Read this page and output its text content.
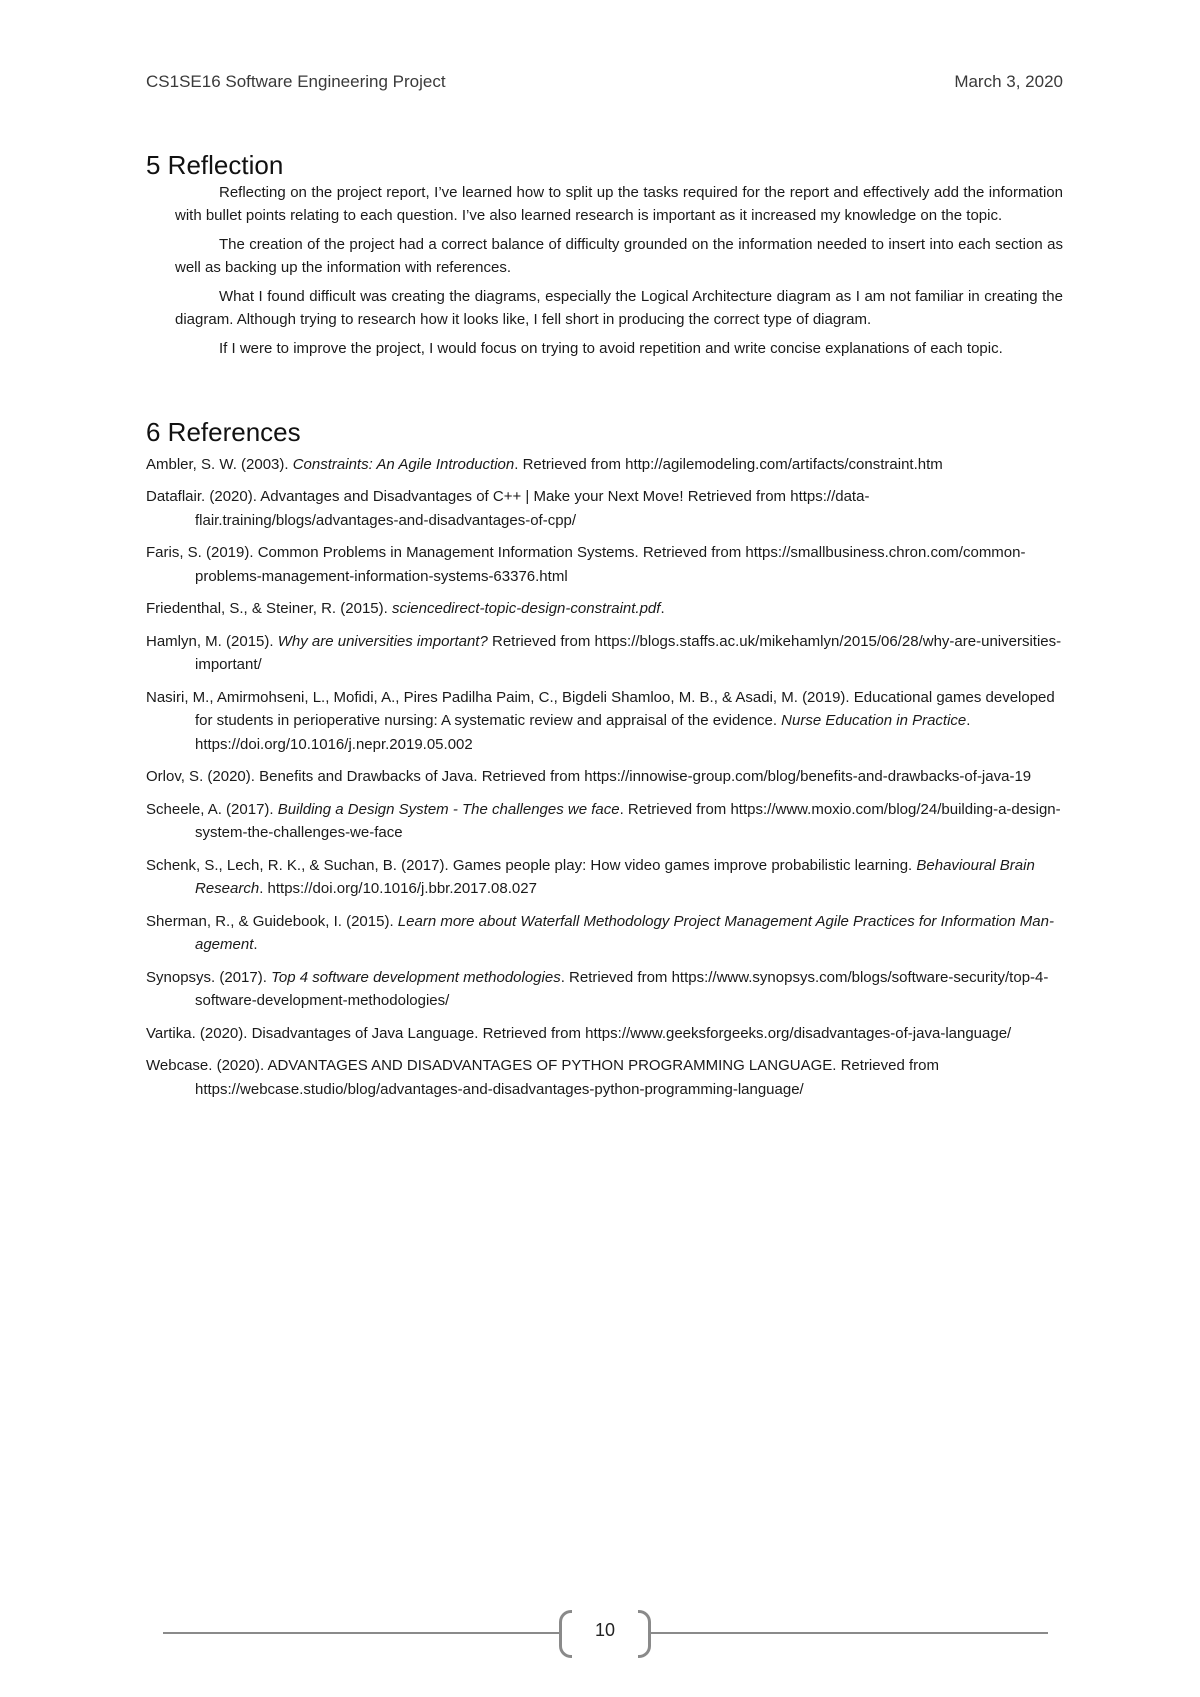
CS1SE16 Software Engineering Project	March 3, 2020
5 Reflection

Reflecting on the project report, I’ve learned how to split up the tasks required for the report and effectively add the information with bullet points relating to each question. I’ve also learned research is important as it increased my knowledge on the topic.

The creation of the project had a correct balance of difficulty grounded on the information needed to insert into each section as well as backing up the information with references.

What I found difficult was creating the diagrams, especially the Logical Architecture diagram as I am not familiar in creating the diagram. Although trying to research how it looks like, I fell short in producing the correct type of diagram.

If I were to improve the project, I would focus on trying to avoid repetition and write concise explanations of each topic.

6 References

Ambler, S. W. (2003). Constraints: An Agile Introduction. Retrieved from http://agilemodeling.com/artifacts/constraint.htm

Dataflair. (2020). Advantages and Disadvantages of C++ | Make your Next Move! Retrieved from https://data-flair.training/blogs/advantages-and-disadvantages-of-cpp/

Faris, S. (2019). Common Problems in Management Information Systems. Retrieved from https://smallbusiness.chron.com/common-problems-management-information-systems-63376.html

Friedenthal, S., & Steiner, R. (2015). sciencedirect-topic-design-constraint.pdf.

Hamlyn, M. (2015). Why are universities important? Retrieved from https://blogs.staffs.ac.uk/mikehamlyn/2015/06/28/why-are-universities-important/

Nasiri, M., Amirmohseni, L., Mofidi, A., Pires Padilha Paim, C., Bigdeli Shamloo, M. B., & Asadi, M. (2019). Educational games developed for students in perioperative nursing: A systematic review and appraisal of the evidence. Nurse Education in Practice. https://doi.org/10.1016/j.nepr.2019.05.002

Orlov, S. (2020). Benefits and Drawbacks of Java. Retrieved from https://innowise-group.com/blog/benefits-and-drawbacks-of-java-19

Scheele, A. (2017). Building a Design System - The challenges we face. Retrieved from https://www.moxio.com/blog/24/building-a-design-system-the-challenges-we-face

Schenk, S., Lech, R. K., & Suchan, B. (2017). Games people play: How video games improve probabilistic learning. Behavioural Brain Research. https://doi.org/10.1016/j.bbr.2017.08.027

Sherman, R., & Guidebook, I. (2015). Learn more about Waterfall Methodology Project Management Agile Practices for Information Man- agement.

Synopsys. (2017). Top 4 software development methodologies. Retrieved from https://www.synopsys.com/blogs/software-security/top-4-software-development-methodologies/

Vartika. (2020). Disadvantages of Java Language. Retrieved from https://www.geeksforgeeks.org/disadvantages-of-java-language/

Webcase. (2020). ADVANTAGES AND DISADVANTAGES OF PYTHON PROGRAMMING LANGUAGE. Retrieved from https://webcase.studio/blog/advantages-and-disadvantages-python-programming-language/

10
